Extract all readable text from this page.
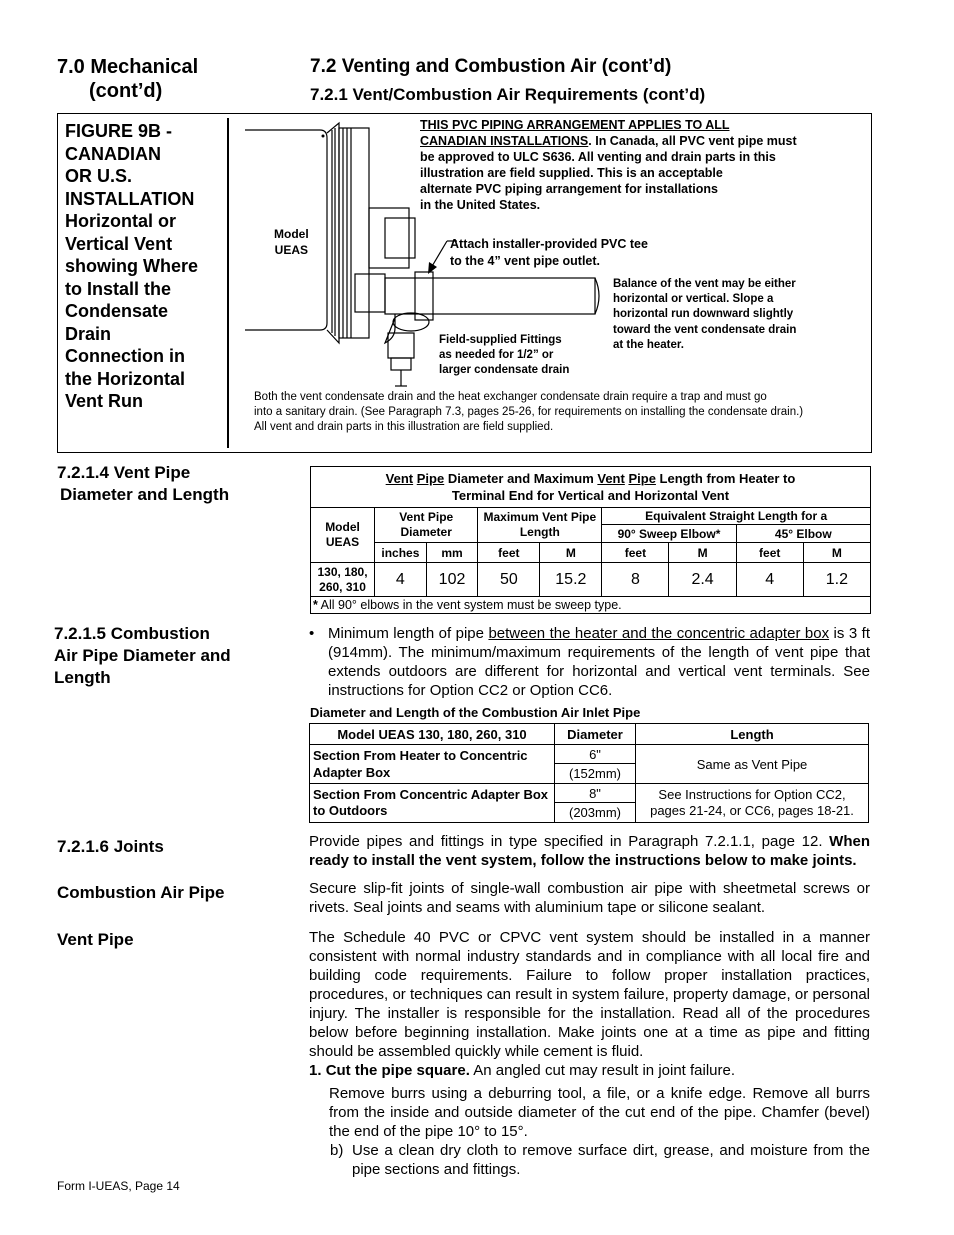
7.0 Mechanical
(cont’d)
7.2 Venting and Combustion Air (cont’d)
7.2.1 Vent/Combustion Air Requirements (cont’d)
FIGURE 9B -
CANADIAN
OR U.S.
INSTALLATION
Horizontal or
Vertical Vent
showing Where
to Install the
Condensate
Drain
Connection in
the Horizontal
Vent Run
Model
UEAS
THIS PVC PIPING ARRANGEMENT APPLIES TO ALL
CANADIAN INSTALLATIONS. In Canada, all PVC vent pipe must
be approved to ULC S636. All venting and drain parts in this
illustration are field supplied. This is an acceptable
alternate PVC piping arrangement for installations
in the United States.
Attach installer-provided PVC tee
to the 4” vent pipe outlet.
Balance of the vent may be either
horizontal or vertical. Slope a
horizontal run downward slightly
toward the vent condensate drain
at the heater.
Field-supplied Fittings
as needed for 1/2” or
larger condensate drain
Both the vent condensate drain and the heat exchanger condensate drain require a trap and must go
into a sanitary drain. (See Paragraph 7.3, pages 25-26, for requirements on installing the condensate drain.)
All vent and drain parts in this illustration are field supplied.
7.2.1.4 Vent Pipe
Diameter and Length
Vent Pipe Diameter and Maximum Vent Pipe Length from Heater to
Terminal End for Vertical and Horizontal Vent								
Model UEAS	Vent Pipe Diameter		Maximum Vent Pipe Length		Equivalent Straight Length for a			
					90° Sweep Elbow*		45° Elbow	
	inches	mm	feet	M	feet	M	feet	M
130, 180, 260, 310	4	102	50	15.2	8	2.4	4	1.2
* All 90° elbows in the vent system must be sweep type.								
7.2.1.5 Combustion
Air Pipe Diameter and
Length
• Minimum length of pipe between the heater and the concentric adapter box is 3 ft (914mm). The minimum/maximum requirements of the length of vent pipe that extends outdoors are different for horizontal and vertical vent terminals. See instructions for Option CC2 or Option CC6.
Diameter and Length of the Combustion Air Inlet Pipe
Model UEAS 130, 180, 260, 310	Diameter	Length
Section From Heater to Concentric Adapter Box	6"	Same as Vent Pipe
	(152mm)	
Section From Concentric Adapter Box to Outdoors	8"	See Instructions for Option CC2, pages 21-24, or CC6, pages 18-21.
	(203mm)	
7.2.1.6 Joints	Provide pipes and fittings in type specified in Paragraph 7.2.1.1, page 12. When ready to install the vent system, follow the instructions below to make joints.
Combustion Air Pipe	Secure slip-fit joints of single-wall combustion air pipe with sheetmetal screws or rivets. Seal joints and seams with aluminium tape or silicone sealant.
Vent Pipe	The Schedule 40 PVC or CPVC vent system should be installed in a manner consistent with normal industry standards and in compliance with all local fire and building code requirements. Failure to follow proper installation practices, procedures, or techniques can result in system failure, property damage, or personal injury. The installer is responsible for the installation. Read all of the procedures below before beginning installation. Make joints one at a time as pipe and fitting should be assembled quickly while cement is fluid.
1. Cut the pipe square. An angled cut may result in joint failure.
Remove burrs using a deburring tool, a file, or a knife edge. Remove all burrs from the inside and outside diameter of the cut end of the pipe. Chamfer (bevel) the end of the pipe 10° to 15°.
b) Use a clean dry cloth to remove surface dirt, grease, and moisture from the pipe sections and fittings.
Form I-UEAS, Page 14
